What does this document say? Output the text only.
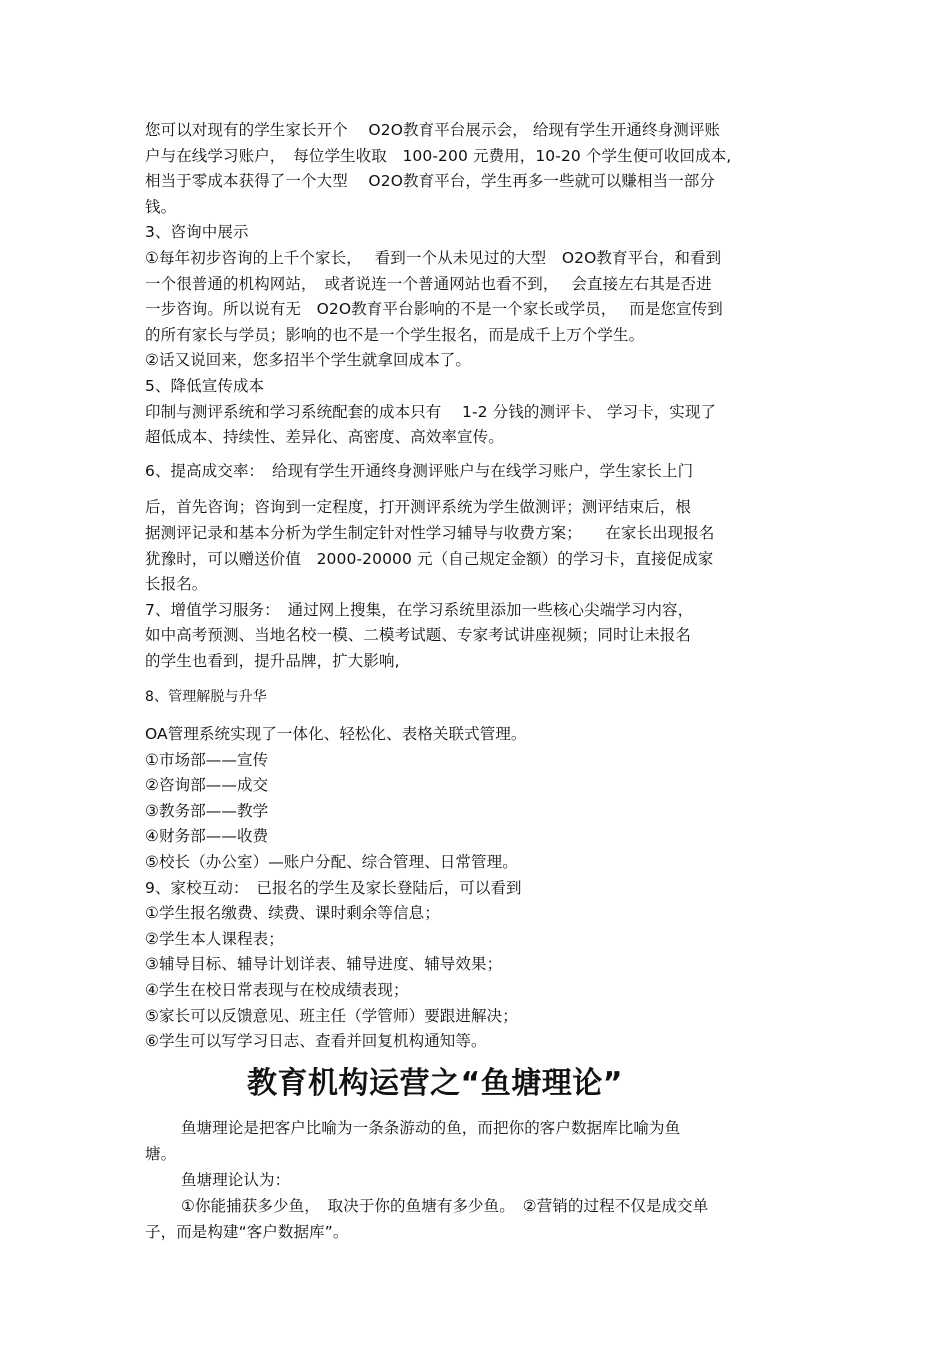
您可以对现有的学生家长开个　 O2O教育平台展示会， 给现有学生开通终身测评账

户与在线学习账户，　每位学生收取　100-200 元费用，10-20 个学生便可收回成本,

相当于零成本获得了一个大型　 O2O教育平台，学生再多一些就可以赚相当一部分

钱。

3、咨询中展示

①每年初步咨询的上千个家长，　 看到一个从未见过的大型　O2O教育平台，和看到

一个很普通的机构网站，　或者说连一个普通网站也看不到，　 会直接左右其是否进

一步咨询。所以说有无　O2O教育平台影响的不是一个家长或学员，　 而是您宣传到

的所有家长与学员；影响的也不是一个学生报名，而是成千上万个学生。

②话又说回来，您多招半个学生就拿回成本了。

5、降低宣传成本

印制与测评系统和学习系统配套的成本只有　 1-2 分钱的测评卡、 学习卡，实现了

超低成本、持续性、差异化、高密度、高效率宣传。

6、提高成交率：　给现有学生开通终身测评账户与在线学习账户，学生家长上门

后，首先咨询；咨询到一定程度，打开测评系统为学生做测评；测评结束后，根

据测评记录和基本分析为学生制定针对性学习辅导与收费方案；　　在家长出现报名

犹豫时，可以赠送价值　2000-20000 元（自己规定金额）的学习卡，直接促成家

长报名。

7、增值学习服务：　通过网上搜集，在学习系统里添加一些核心尖端学习内容，

如中高考预测、当地名校一模、二模考试题、专家考试讲座视频；同时让未报名

的学生也看到，提升品牌，扩大影响,

8、管理解脱与升华

OA管理系统实现了一体化、轻松化、表格关联式管理。

①市场部——宣传

②咨询部——成交

③教务部——教学

④财务部——收费

⑤校长（办公室）—账户分配、综合管理、日常管理。

9、家校互动：　已报名的学生及家长登陆后，可以看到

①学生报名缴费、续费、课时剩余等信息；

②学生本人课程表；

③辅导目标、辅导计划详表、辅导进度、辅导效果；

④学生在校日常表现与在校成绩表现；

⑤家长可以反馈意见、班主任（学管师）要跟进解决；

⑥学生可以写学习日志、查看并回复机构通知等。

教育机构运营之“鱼塘理论”

鱼塘理论是把客户比喻为一条条游动的鱼，而把你的客户数据库比喻为鱼

塘。

鱼塘理论认为：

①你能捕获多少鱼，　取决于你的鱼塘有多少鱼。　②营销的过程不仅是成交单

子，而是构建“客户数据库”。
